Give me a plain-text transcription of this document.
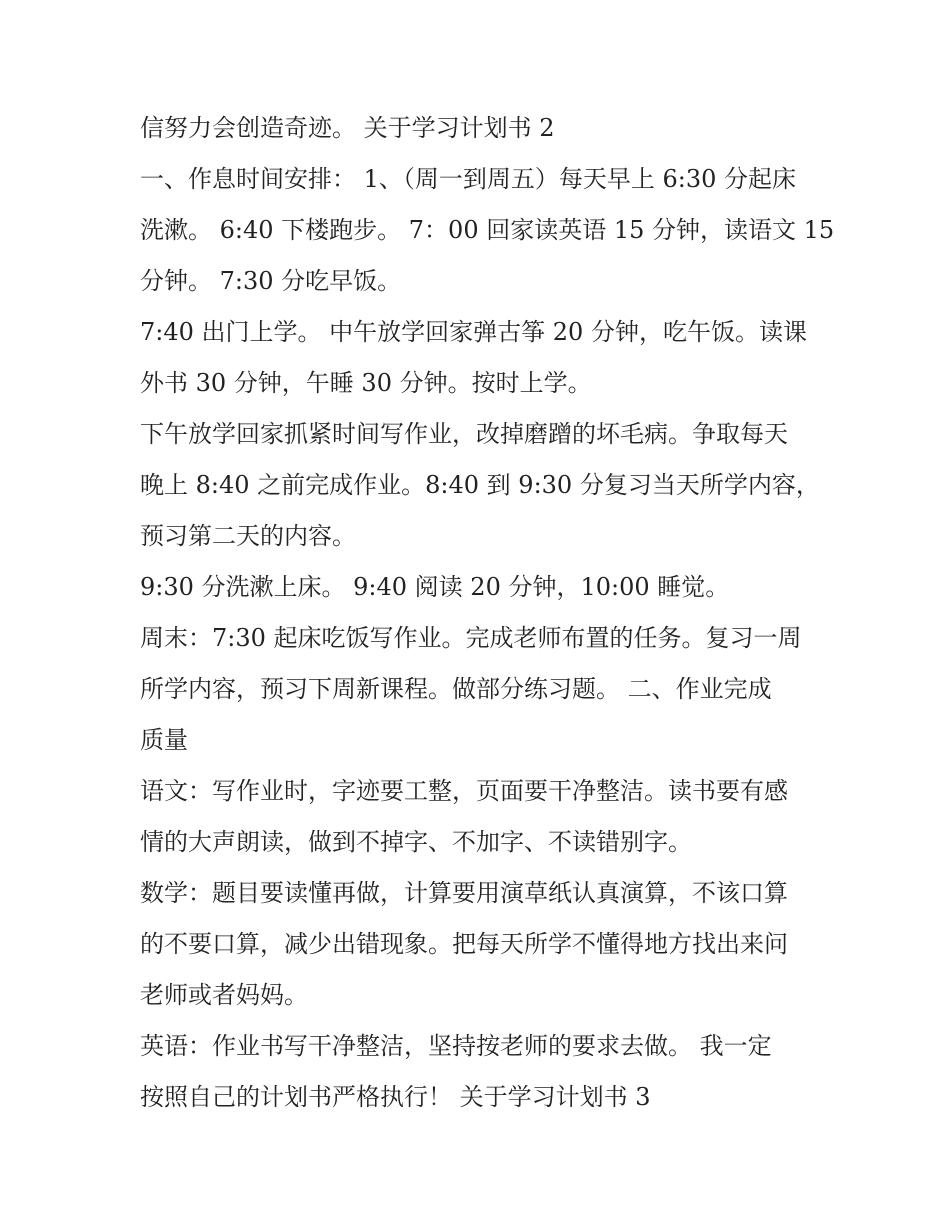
信努力会创造奇迹。 关于学习计划书 2

一、作息时间安排： 1、（周一到周五）每天早上 6:30 分起床
洗漱。 6:40 下楼跑步。 7：00 回家读英语 15 分钟，读语文 15
分钟。 7:30 分吃早饭。

7:40 出门上学。 中午放学回家弹古筝 20 分钟，吃午饭。读课
外书 30 分钟，午睡 30 分钟。按时上学。

下午放学回家抓紧时间写作业，改掉磨蹭的坏毛病。争取每天
晚上 8:40 之前完成作业。8:40 到 9:30 分复习当天所学内容，
预习第二天的内容。

9:30 分洗漱上床。 9:40 阅读 20 分钟，10:00 睡觉。

周末：7:30 起床吃饭写作业。完成老师布置的任务。复习一周
所学内容，预习下周新课程。做部分练习题。 二、作业完成
质量

语文：写作业时，字迹要工整，页面要干净整洁。读书要有感
情的大声朗读，做到不掉字、不加字、不读错别字。

数学：题目要读懂再做，计算要用演草纸认真演算，不该口算
的不要口算，减少出错现象。把每天所学不懂得地方找出来问
老师或者妈妈。

英语：作业书写干净整洁，坚持按老师的要求去做。 我一定
按照自己的计划书严格执行！ 关于学习计划书 3
